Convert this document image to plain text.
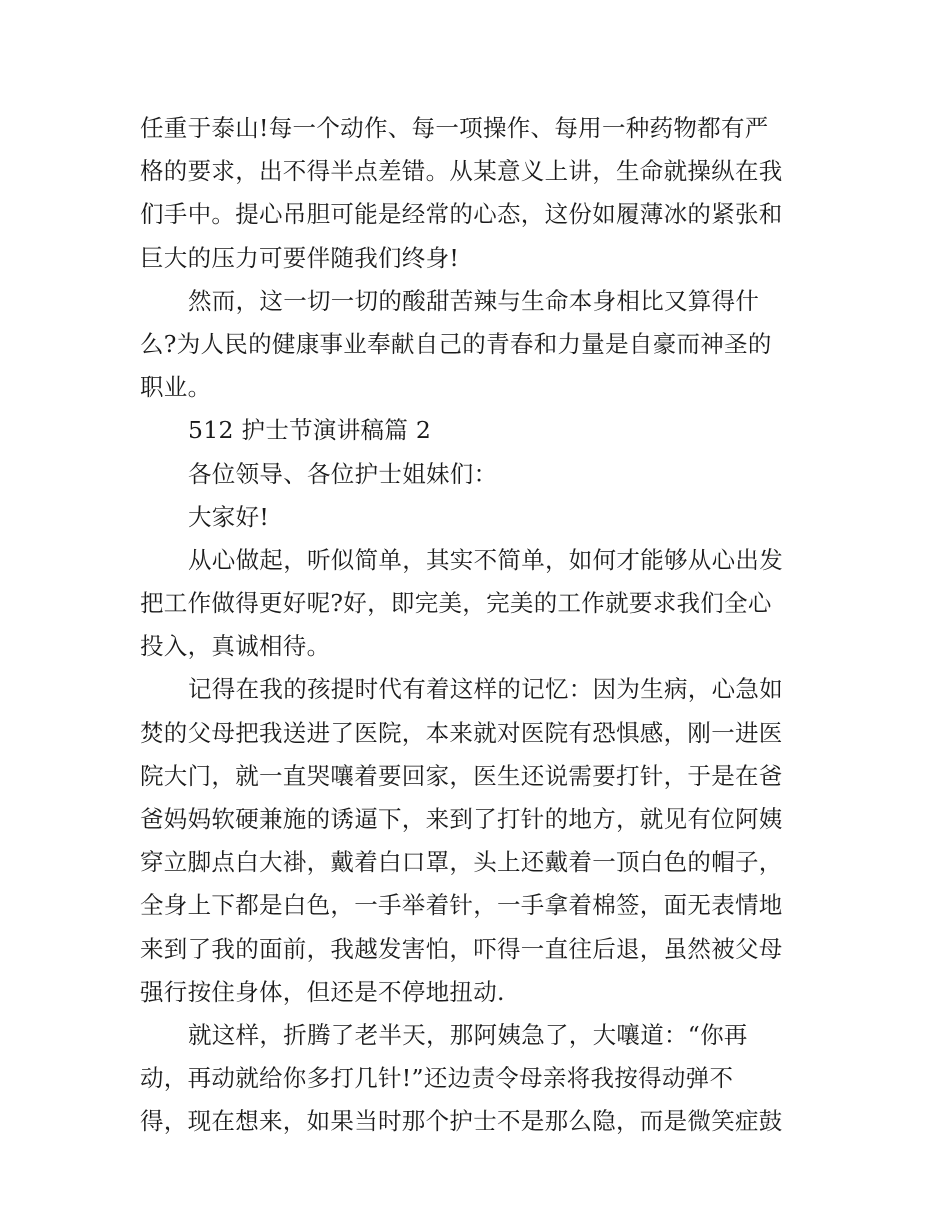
任重于泰山!每一个动作、每一项操作、每用一种药物都有严
格的要求，出不得半点差错。从某意义上讲，生命就操纵在我
们手中。提心吊胆可能是经常的心态，这份如履薄冰的紧张和
巨大的压力可要伴随我们终身!
然而，这一切一切的酸甜苦辣与生命本身相比又算得什
么?为人民的健康事业奉献自己的青春和力量是自豪而神圣的
职业。
512 护士节演讲稿篇 2
各位领导、各位护士姐妹们：
大家好!
从心做起，听似简单，其实不简单，如何才能够从心出发
把工作做得更好呢?好，即完美，完美的工作就要求我们全心
投入，真诚相待。
记得在我的孩提时代有着这样的记忆：因为生病，心急如
焚的父母把我送进了医院，本来就对医院有恐惧感，刚一进医
院大门，就一直哭嚷着要回家，医生还说需要打针，于是在爸
爸妈妈软硬兼施的诱逼下，来到了打针的地方，就见有位阿姨
穿立脚点白大褂，戴着白口罩，头上还戴着一顶白色的帽子，
全身上下都是白色，一手举着针，一手拿着棉签，面无表情地
来到了我的面前，我越发害怕，吓得一直往后退，虽然被父母
强行按住身体，但还是不停地扭动.
就这样，折腾了老半天，那阿姨急了，大嚷道：“你再
动，再动就给你多打几针!”还边责令母亲将我按得动弹不
得，现在想来，如果当时那个护士不是那么隐，而是微笑症鼓
